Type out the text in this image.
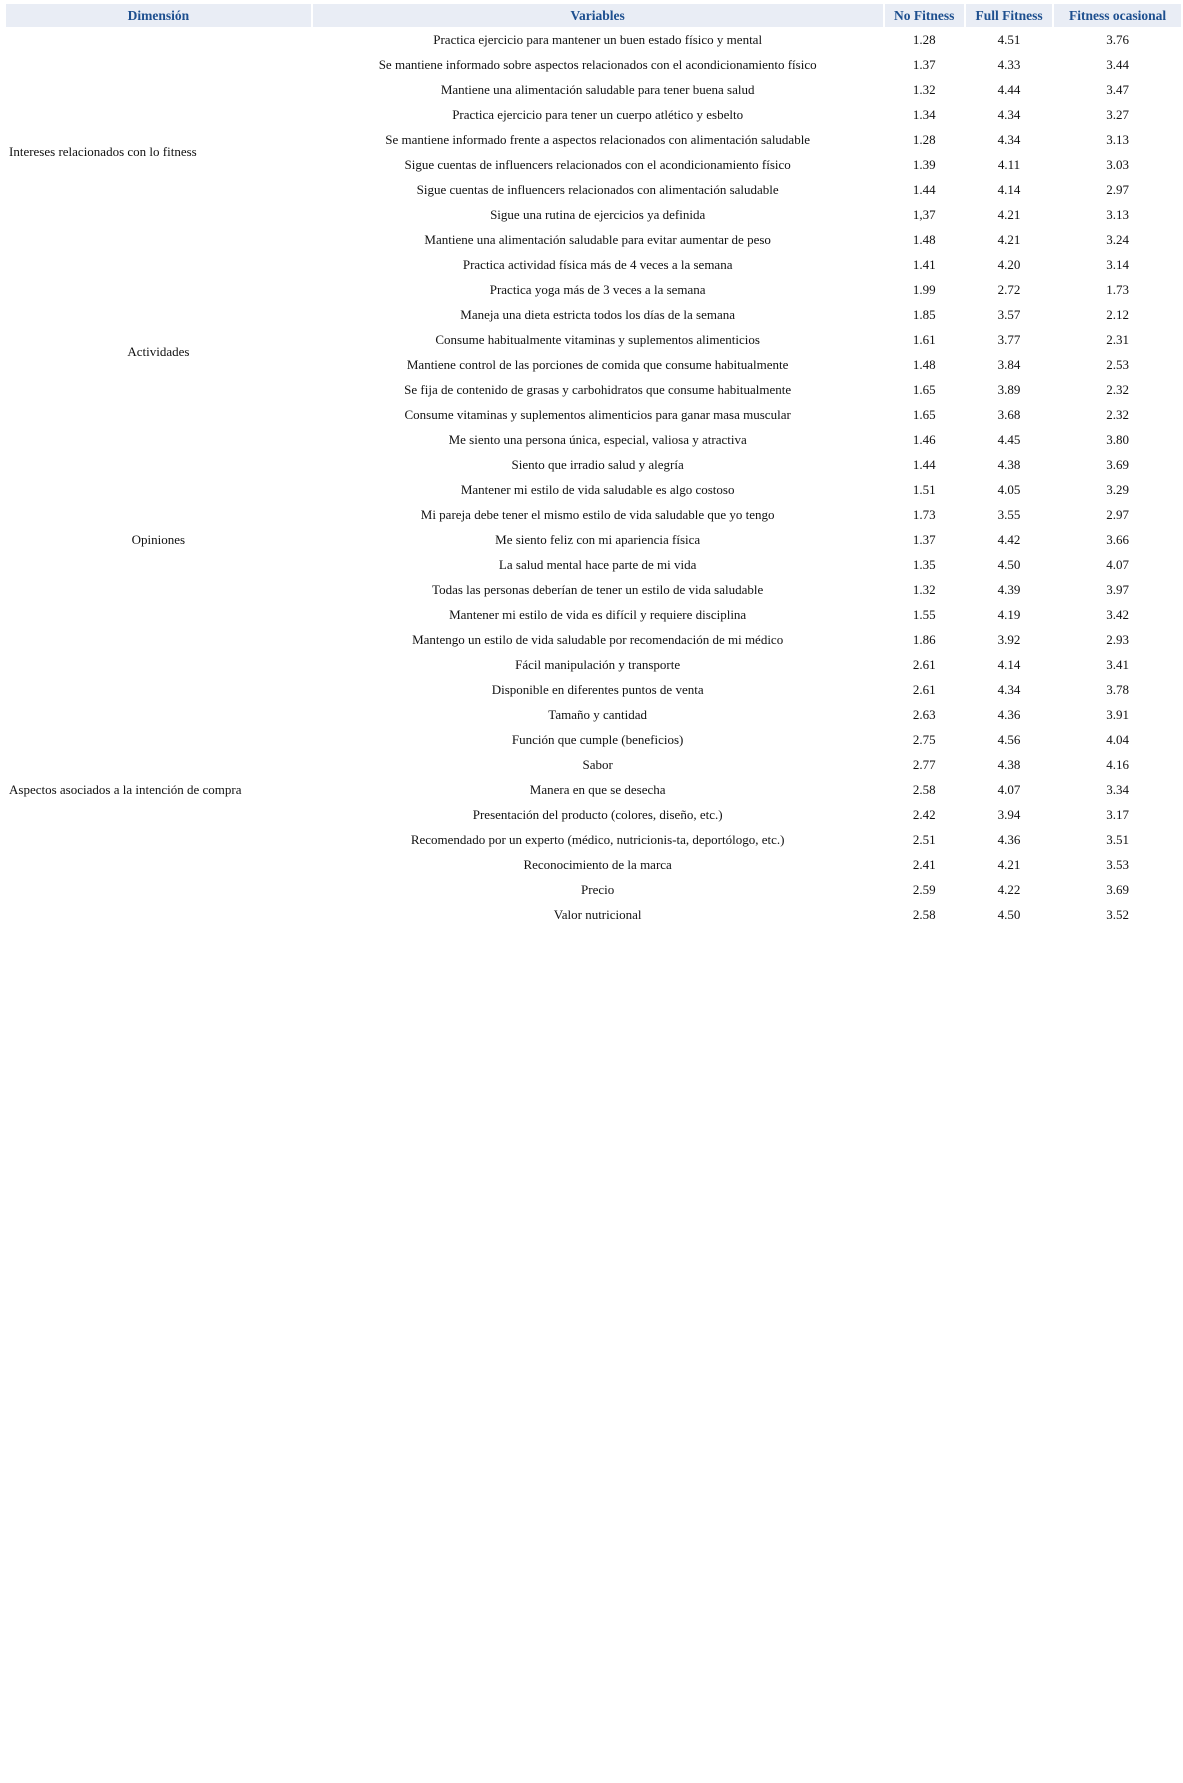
Dimensión	Variables	No Fitness	Full Fitness	Fitness ocasional
Intereses relacionados con lo fitness	Practica ejercicio para mantener un buen estado físico y mental	1.28	4.51	3.76
	Se mantiene informado sobre aspectos relacionados con el acondicionamiento físico	1.37	4.33	3.44
	Mantiene una alimentación saludable para tener buena salud	1.32	4.44	3.47
	Practica ejercicio para tener un cuerpo atlético y esbelto	1.34	4.34	3.27
	Se mantiene informado frente a aspectos relacionados con alimentación saludable	1.28	4.34	3.13
	Sigue cuentas de influencers relacionados con el acondicionamiento físico	1.39	4.11	3.03
	Sigue cuentas de influencers relacionados con alimentación saludable	1.44	4.14	2.97
	Sigue una rutina de ejercicios ya definida	1,37	4.21	3.13
	Mantiene una alimentación saludable para evitar aumentar de peso	1.48	4.21	3.24
	Practica actividad física más de 4 veces a la semana	1.41	4.20	3.14
Actividades	Practica yoga más de 3 veces a la semana	1.99	2.72	1.73
	Maneja una dieta estricta todos los días de la semana	1.85	3.57	2.12
	Consume habitualmente vitaminas y suplementos alimenticios	1.61	3.77	2.31
	Mantiene control de las porciones de comida que consume habitualmente	1.48	3.84	2.53
	Se fija de contenido de grasas y carbohidratos que consume habitualmente	1.65	3.89	2.32
	Consume vitaminas y suplementos alimenticios para ganar masa muscular	1.65	3.68	2.32
Opiniones	Me siento una persona única, especial, valiosa y atractiva	1.46	4.45	3.80
	Siento que irradio salud y alegría	1.44	4.38	3.69
	Mantener mi estilo de vida saludable es algo costoso	1.51	4.05	3.29
	Mi pareja debe tener el mismo estilo de vida saludable que yo tengo	1.73	3.55	2.97
	Me siento feliz con mi apariencia física	1.37	4.42	3.66
	La salud mental hace parte de mi vida	1.35	4.50	4.07
	Todas las personas deberían de tener un estilo de vida saludable	1.32	4.39	3.97
	Mantener mi estilo de vida es difícil y requiere disciplina	1.55	4.19	3.42
	Mantengo un estilo de vida saludable por recomendación de mi médico	1.86	3.92	2.93
Aspectos asociados a la intención de compra	Fácil manipulación y transporte	2.61	4.14	3.41
	Disponible en diferentes puntos de venta	2.61	4.34	3.78
	Tamaño y cantidad	2.63	4.36	3.91
	Función que cumple (beneficios)	2.75	4.56	4.04
	Sabor	2.77	4.38	4.16
	Manera en que se desecha	2.58	4.07	3.34
	Presentación del producto (colores, diseño, etc.)	2.42	3.94	3.17
	Recomendado por un experto (médico, nutricionis-ta, deportólogo, etc.)	2.51	4.36	3.51
	Reconocimiento de la marca	2.41	4.21	3.53
	Precio	2.59	4.22	3.69
	Valor nutricional	2.58	4.50	3.52
